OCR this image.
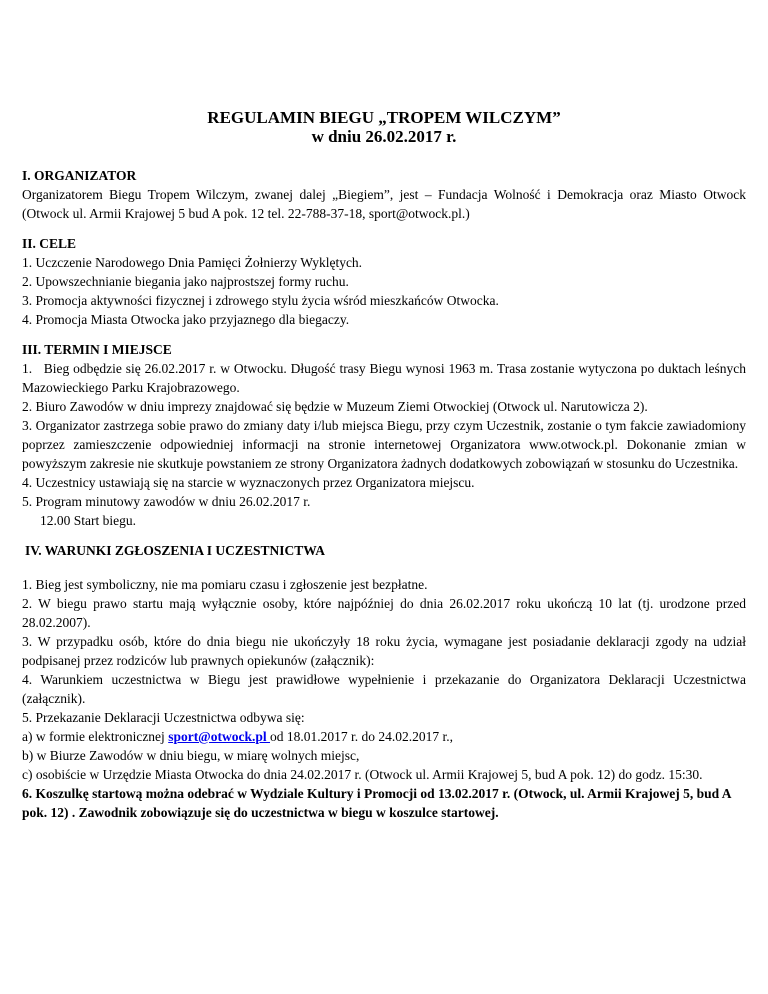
REGULAMIN BIEGU „TROPEM WILCZYM”
w dniu 26.02.2017 r.

I. ORGANIZATOR

Organizatorem Biegu Tropem Wilczym, zwanej dalej „Biegiem”, jest – Fundacja Wolność i Demokracja oraz Miasto Otwock (Otwock ul. Armii Krajowej 5 bud A pok. 12 tel. 22-788-37-18, sport@otwock.pl.)

II. CELE

1. Uczczenie Narodowego Dnia Pamięci Żołnierzy Wyklętych.

2. Upowszechnianie biegania jako najprostszej formy ruchu.

3. Promocja aktywności fizycznej i zdrowego stylu życia wśród mieszkańców Otwocka.

4. Promocja Miasta Otwocka jako przyjaznego dla biegaczy.

III. TERMIN I MIEJSCE

1.   Bieg odbędzie się 26.02.2017 r. w Otwocku. Długość trasy Biegu wynosi 1963 m. Trasa zostanie wytyczona po duktach leśnych Mazowieckiego Parku Krajobrazowego.

2. Biuro Zawodów w dniu imprezy znajdować się będzie w Muzeum Ziemi Otwockiej (Otwock ul. Narutowicza 2).

3. Organizator zastrzega sobie prawo do zmiany daty i/lub miejsca Biegu, przy czym Uczestnik, zostanie o tym fakcie zawiadomiony poprzez zamieszczenie odpowiedniej informacji na stronie internetowej Organizatora www.otwock.pl. Dokonanie zmian w powyższym zakresie nie skutkuje powstaniem ze strony Organizatora żadnych dodatkowych zobowiązań w stosunku do Uczestnika.

4. Uczestnicy ustawiają się na starcie w wyznaczonych przez Organizatora miejscu.

5. Program minutowy zawodów w dniu 26.02.2017 r.

12.00 Start biegu.

IV. WARUNKI ZGŁOSZENIA I UCZESTNICTWA

1. Bieg jest symboliczny, nie ma pomiaru czasu i zgłoszenie jest bezpłatne.

2. W biegu prawo startu mają wyłącznie osoby, które najpóźniej do dnia 26.02.2017 roku ukończą 10 lat (tj. urodzone przed 28.02.2007).

3. W przypadku osób, które do dnia biegu nie ukończyły 18 roku życia, wymagane jest posiadanie deklaracji zgody na udział podpisanej przez rodziców lub prawnych opiekunów (załącznik):

4. Warunkiem uczestnictwa w Biegu jest prawidłowe wypełnienie i przekazanie do Organizatora Deklaracji Uczestnictwa (załącznik).

5. Przekazanie Deklaracji Uczestnictwa odbywa się:

a) w formie elektronicznej sport@otwock.pl od 18.01.2017 r. do 24.02.2017 r.,

b) w Biurze Zawodów w dniu biegu, w miarę wolnych miejsc,

c) osobiście w Urzędzie Miasta Otwocka do dnia 24.02.2017 r. (Otwock ul. Armii Krajowej 5, bud A pok. 12) do godz. 15:30.

6. Koszulkę startową można odebrać w Wydziale Kultury i Promocji od 13.02.2017 r. (Otwock, ul. Armii Krajowej 5, bud A pok. 12) . Zawodnik zobowiązuje się do uczestnictwa w biegu w koszulce startowej.
